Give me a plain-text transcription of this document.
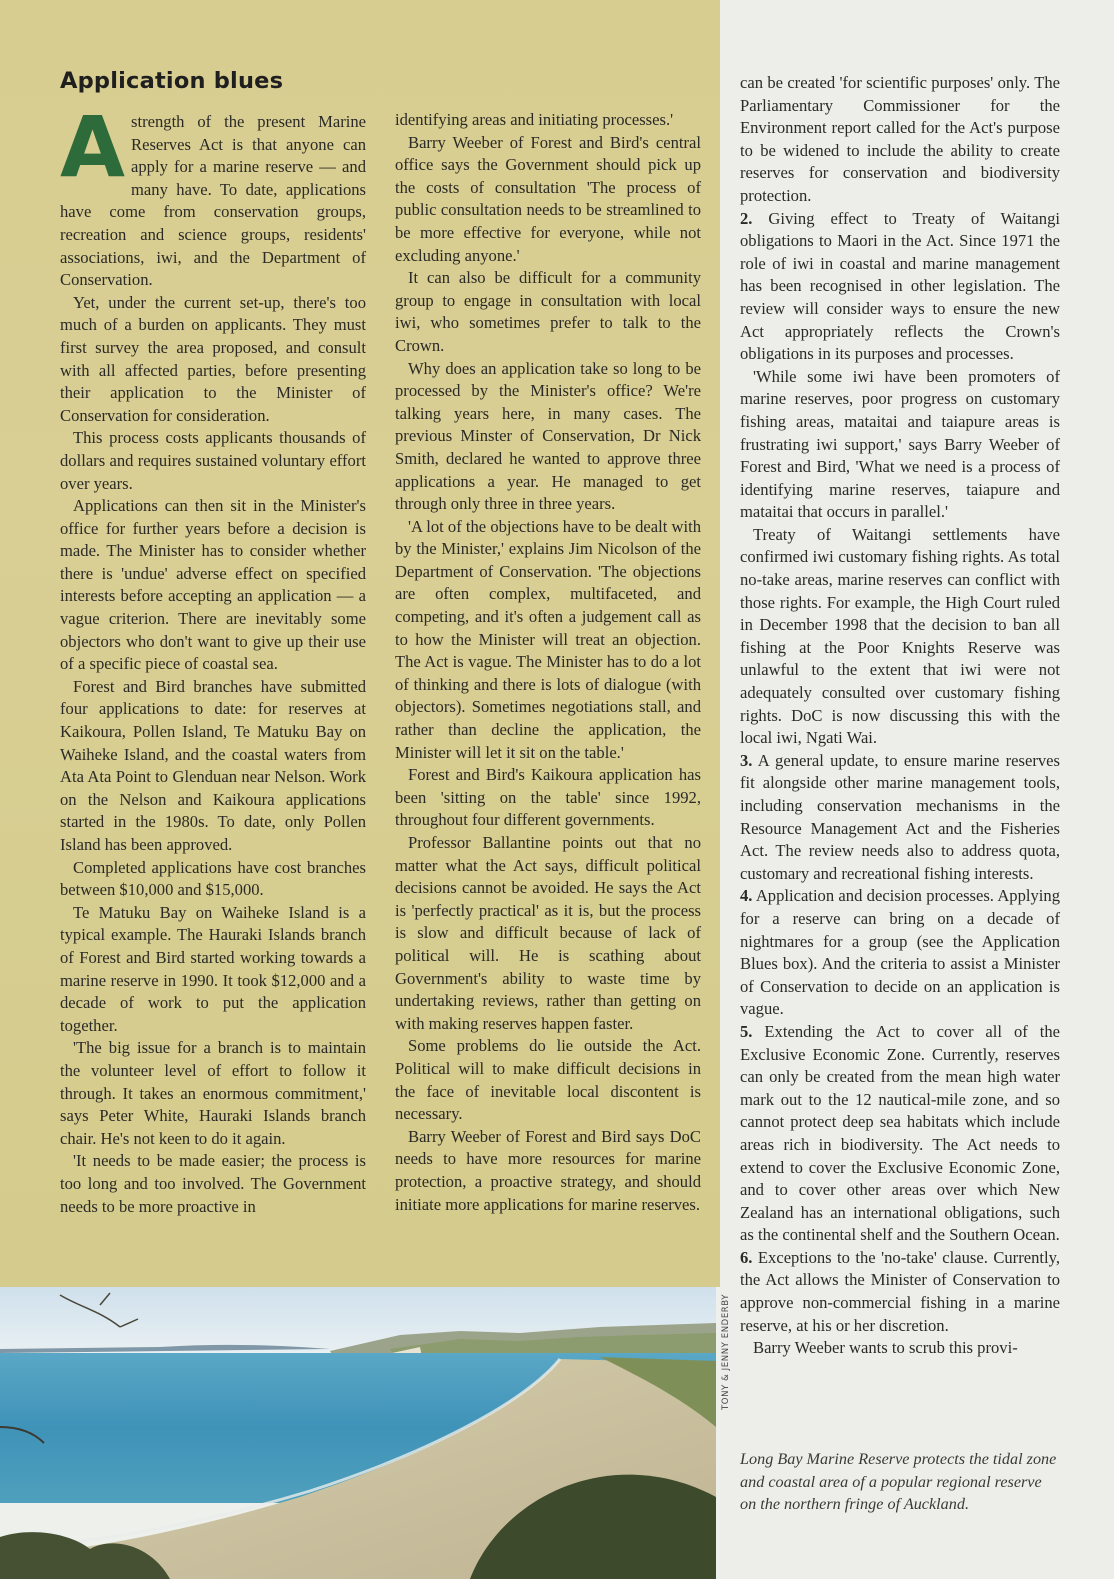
Application blues

Astrength of the present Marine Reserves Act is that anyone can apply for a marine reserve — and many have. To date, applications have come from conservation groups, recreation and science groups, residents' associations, iwi, and the Department of Conservation.

Yet, under the current set-up, there's too much of a burden on applicants. They must first survey the area proposed, and consult with all affected parties, before presenting their application to the Minister of Conservation for consideration.

This process costs applicants thousands of dollars and requires sustained voluntary effort over years.

Applications can then sit in the Minister's office for further years before a decision is made. The Minister has to consider whether there is 'undue' adverse effect on specified interests before accepting an application — a vague criterion. There are inevitably some objectors who don't want to give up their use of a specific piece of coastal sea.

Forest and Bird branches have submitted four applications to date: for reserves at Kaikoura, Pollen Island, Te Matuku Bay on Waiheke Island, and the coastal waters from Ata Ata Point to Glenduan near Nelson. Work on the Nelson and Kaikoura applications started in the 1980s. To date, only Pollen Island has been approved.

Completed applications have cost branches between $10,000 and $15,000.

Te Matuku Bay on Waiheke Island is a typical example. The Hauraki Islands branch of Forest and Bird started working towards a marine reserve in 1990. It took $12,000 and a decade of work to put the application together.

'The big issue for a branch is to maintain the volunteer level of effort to follow it through. It takes an enormous commitment,' says Peter White, Hauraki Islands branch chair. He's not keen to do it again.

'It needs to be made easier; the process is too long and too involved. The Government needs to be more proactive in

identifying areas and initiating processes.'

Barry Weeber of Forest and Bird's central office says the Government should pick up the costs of consultation 'The process of public consultation needs to be streamlined to be more effective for everyone, while not excluding anyone.'

It can also be difficult for a community group to engage in consultation with local iwi, who sometimes prefer to talk to the Crown.

Why does an application take so long to be processed by the Minister's office? We're talking years here, in many cases. The previous Minster of Conservation, Dr Nick Smith, declared he wanted to approve three applications a year. He managed to get through only three in three years.

'A lot of the objections have to be dealt with by the Minister,' explains Jim Nicolson of the Department of Conservation. 'The objections are often complex, multifaceted, and competing, and it's often a judgement call as to how the Minister will treat an objection. The Act is vague. The Minister has to do a lot of thinking and there is lots of dialogue (with objectors). Sometimes negotiations stall, and rather than decline the application, the Minister will let it sit on the table.'

Forest and Bird's Kaikoura application has been 'sitting on the table' since 1992, throughout four different governments.

Professor Ballantine points out that no matter what the Act says, difficult political decisions cannot be avoided. He says the Act is 'perfectly practical' as it is, but the process is slow and difficult because of lack of political will. He is scathing about Government's ability to waste time by undertaking reviews, rather than getting on with making reserves happen faster.

Some problems do lie outside the Act. Political will to make difficult decisions in the face of inevitable local discontent is necessary.

Barry Weeber of Forest and Bird says DoC needs to have more resources for marine protection, a proactive strategy, and should initiate more applications for marine reserves.

can be created 'for scientific purposes' only. The Parliamentary Commissioner for the Environment report called for the Act's purpose to be widened to include the ability to create reserves for conservation and biodiversity protection.

2. Giving effect to Treaty of Waitangi obligations to Maori in the Act. Since 1971 the role of iwi in coastal and marine management has been recognised in other legislation. The review will consider ways to ensure the new Act appropriately reflects the Crown's obligations in its purposes and processes.

'While some iwi have been promoters of marine reserves, poor progress on customary fishing areas, mataitai and taiapure areas is frustrating iwi support,' says Barry Weeber of Forest and Bird, 'What we need is a process of identifying marine reserves, taiapure and mataitai that occurs in parallel.'

Treaty of Waitangi settlements have confirmed iwi customary fishing rights. As total no-take areas, marine reserves can conflict with those rights. For example, the High Court ruled in December 1998 that the decision to ban all fishing at the Poor Knights Reserve was unlawful to the extent that iwi were not adequately consulted over customary fishing rights. DoC is now discussing this with the local iwi, Ngati Wai.

3. A general update, to ensure marine reserves fit alongside other marine management tools, including conservation mechanisms in the Resource Management Act and the Fisheries Act. The review needs also to address quota, customary and recreational fishing interests.

4. Application and decision processes. Applying for a reserve can bring on a decade of nightmares for a group (see the Application Blues box). And the criteria to assist a Minister of Conservation to decide on an application is vague.

5. Extending the Act to cover all of the Exclusive Economic Zone. Currently, reserves can only be created from the mean high water mark out to the 12 nautical-mile zone, and so cannot protect deep sea habitats which include areas rich in biodiversity. The Act needs to extend to cover the Exclusive Economic Zone, and to cover other areas over which New Zealand has an international obligations, such as the continental shelf and the Southern Ocean.

6. Exceptions to the 'no-take' clause. Currently, the Act allows the Minister of Conservation to approve non-commercial fishing in a marine reserve, at his or her discretion.

Barry Weeber wants to scrub this provi-

TONY & JENNY ENDERBY

Long Bay Marine Reserve protects the tidal zone and coastal area of a popular regional reserve on the northern fringe of Auckland.
